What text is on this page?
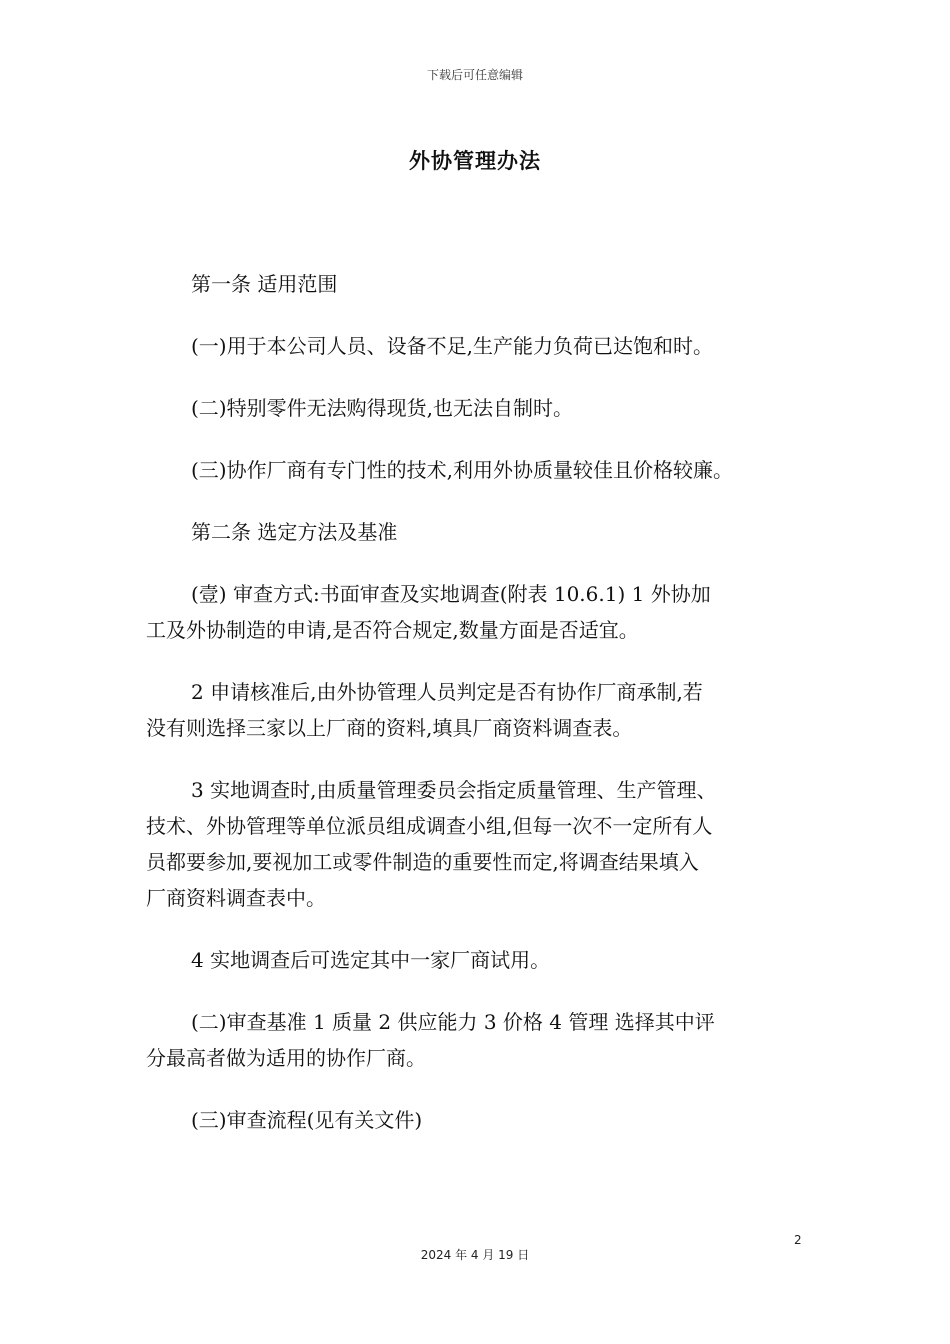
下载后可任意编辑
外协管理办法

第一条 适用范围

(一)用于本公司人员、设备不足,生产能力负荷已达饱和时。

(二)特别零件无法购得现货,也无法自制时。

(三)协作厂商有专门性的技术,利用外协质量较佳且价格较廉。

第二条 选定方法及基准

(壹) 审查方式:书面审查及实地调查(附表 10.6.1) 1 外协加

工及外协制造的申请,是否符合规定,数量方面是否适宜。

2 申请核准后,由外协管理人员判定是否有协作厂商承制,若

没有则选择三家以上厂商的资料,填具厂商资料调查表。

3 实地调查时,由质量管理委员会指定质量管理、生产管理、

技术、外协管理等单位派员组成调查小组,但每一次不一定所有人

员都要参加,要视加工或零件制造的重要性而定,将调查结果填入

厂商资料调查表中。

4 实地调查后可选定其中一家厂商试用。

(二)审查基准 1 质量 2 供应能力 3 价格 4 管理 选择其中评

分最高者做为适用的协作厂商。

(三)审查流程(见有关文件)

2
2024 年 4 月 19 日
